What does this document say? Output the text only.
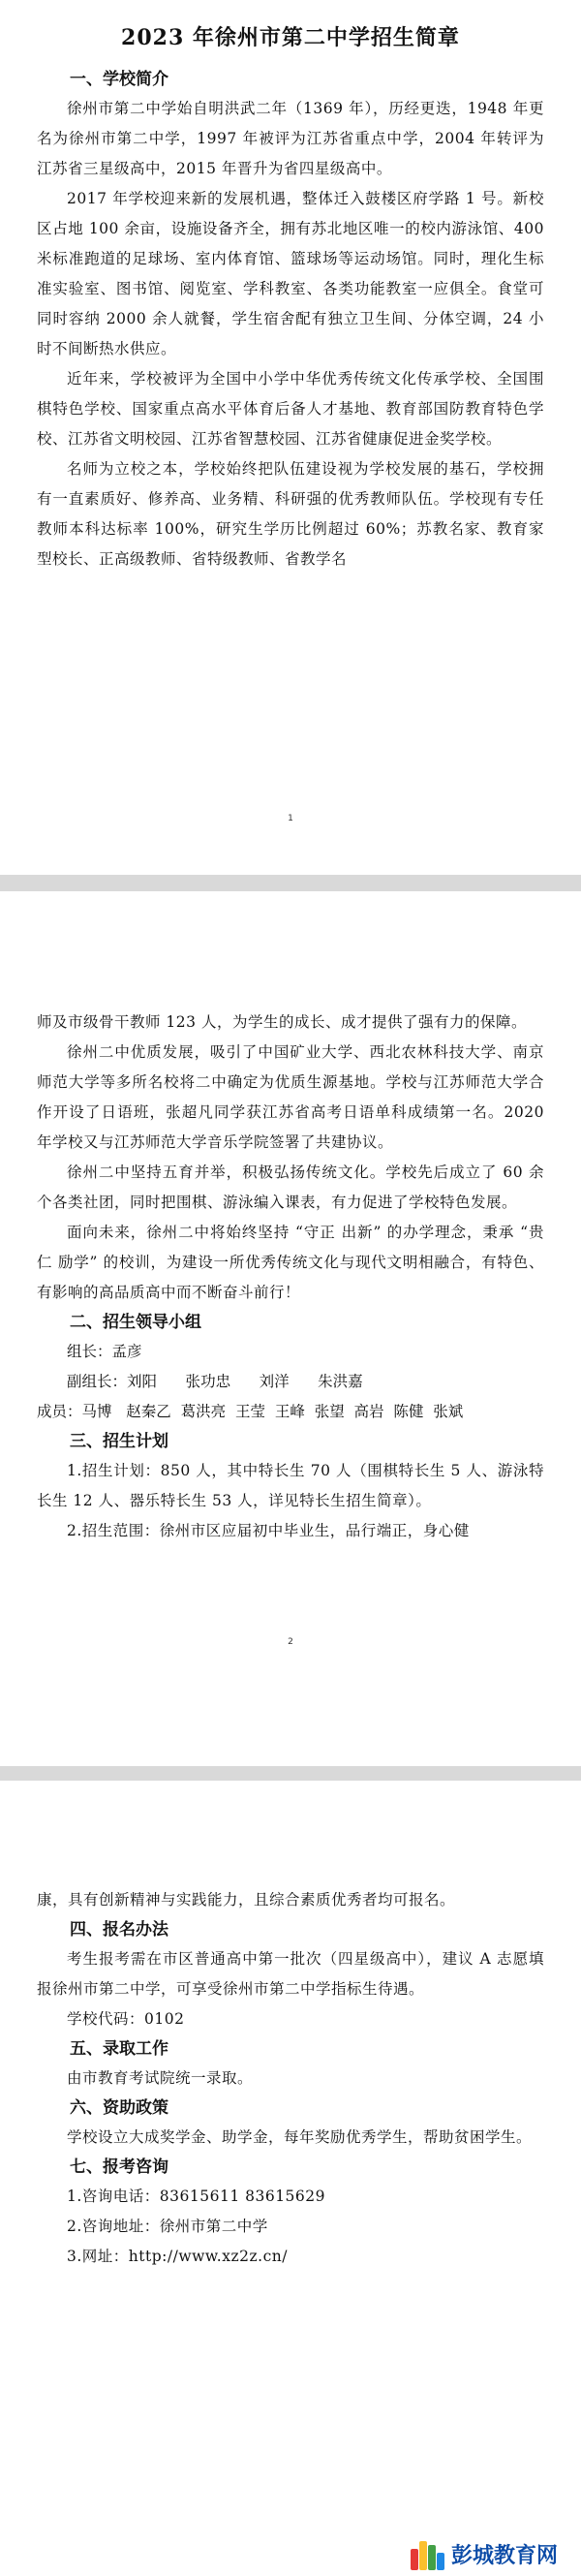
2023 年徐州市第二中学招生简章

一、学校简介

徐州市第二中学始自明洪武二年（1369 年），历经更迭，1948 年更名为徐州市第二中学，1997 年被评为江苏省重点中学，2004 年转评为江苏省三星级高中，2015 年晋升为省四星级高中。

2017 年学校迎来新的发展机遇，整体迁入鼓楼区府学路 1 号。新校区占地 100 余亩，设施设备齐全，拥有苏北地区唯一的校内游泳馆、400 米标准跑道的足球场、室内体育馆、篮球场等运动场馆。同时，理化生标准实验室、图书馆、阅览室、学科教室、各类功能教室一应俱全。食堂可同时容纳 2000 余人就餐，学生宿舍配有独立卫生间、分体空调，24 小时不间断热水供应。

近年来，学校被评为全国中小学中华优秀传统文化传承学校、全国围棋特色学校、国家重点高水平体育后备人才基地、教育部国防教育特色学校、江苏省文明校园、江苏省智慧校园、江苏省健康促进金奖学校。

名师为立校之本，学校始终把队伍建设视为学校发展的基石，学校拥有一直素质好、修养高、业务精、科研强的优秀教师队伍。学校现有专任教师本科达标率 100%，研究生学历比例超过 60%；苏教名家、教育家型校长、正高级教师、省特级教师、省教学名

1

师及市级骨干教师 123 人，为学生的成长、成才提供了强有力的保障。

徐州二中优质发展，吸引了中国矿业大学、西北农林科技大学、南京师范大学等多所名校将二中确定为优质生源基地。学校与江苏师范大学合作开设了日语班，张超凡同学获江苏省高考日语单科成绩第一名。2020 年学校又与江苏师范大学音乐学院签署了共建协议。

徐州二中坚持五育并举，积极弘扬传统文化。学校先后成立了 60 余个各类社团，同时把围棋、游泳编入课表，有力促进了学校特色发展。

面向未来，徐州二中将始终坚持 “守正 出新” 的办学理念，秉承 “贵仁 励学” 的校训，为建设一所优秀传统文化与现代文明相融合，有特色、有影响的高品质高中而不断奋斗前行！

二、招生领导小组

组长：孟彦

副组长：刘阳      张功忠      刘洋      朱洪嘉

成员：马博   赵秦乙  葛洪亮  王莹  王峰  张望  高岩  陈健  张斌

三、招生计划

1.招生计划：850 人，其中特长生 70 人（围棋特长生 5 人、游泳特长生 12 人、器乐特长生 53 人，详见特长生招生简章）。

2.招生范围：徐州市区应届初中毕业生，品行端正，身心健

2

康，具有创新精神与实践能力，且综合素质优秀者均可报名。

四、报名办法

考生报考需在市区普通高中第一批次（四星级高中），建议 A 志愿填报徐州市第二中学，可享受徐州市第二中学指标生待遇。

学校代码：0102

五、录取工作

由市教育考试院统一录取。

六、资助政策

学校设立大成奖学金、助学金，每年奖励优秀学生，帮助贫困学生。

七、报考咨询

1.咨询电话：83615611 83615629

2.咨询地址：徐州市第二中学

3.网址：http://www.xz2z.cn/

彭城教育网
